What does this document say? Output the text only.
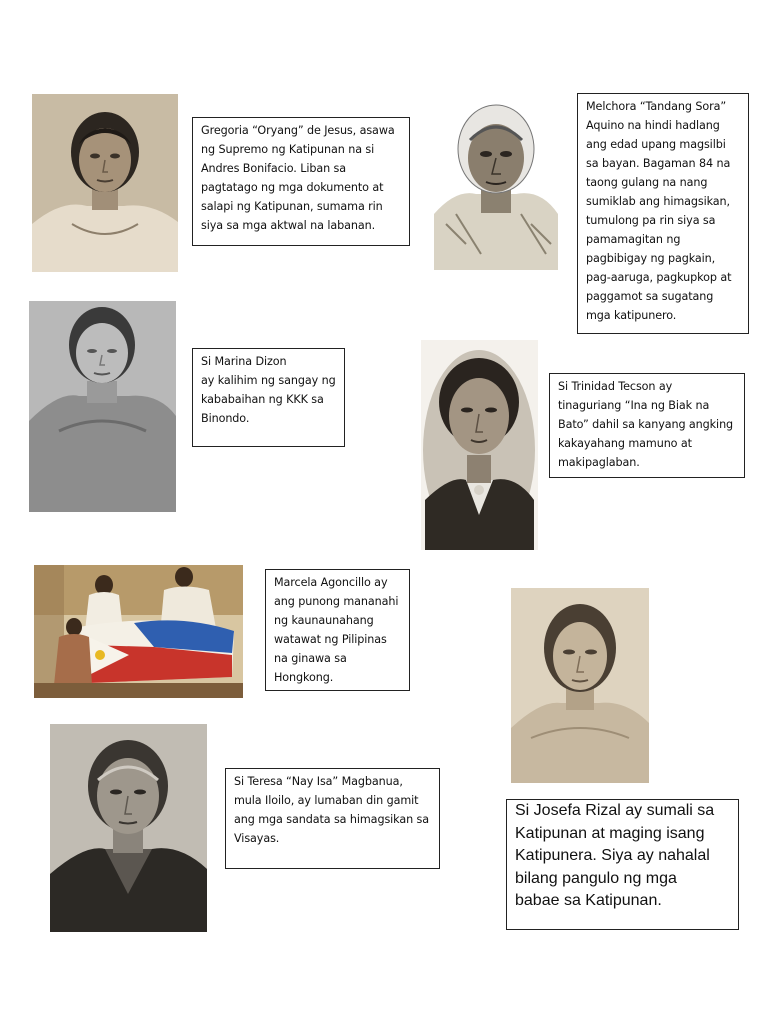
Gregoria “Oryang” de Jesus, asawa
ng Supremo ng Katipunan na si
Andres Bonifacio. Liban sa
pagtatago ng mga dokumento at
salapi ng Katipunan, sumama rin
siya sa mga aktwal na labanan.
Melchora “Tandang Sora”
Aquino na hindi hadlang
ang edad upang magsilbi
sa bayan. Bagaman 84 na
taong gulang na nang
sumiklab ang himagsikan,
tumulong pa rin siya sa
pamamagitan ng
pagbibigay ng pagkain,
pag-aaruga, pagkupkop at
paggamot sa sugatang
mga katipunero.
Si Marina Dizon
ay kalihim ng sangay ng
kababaihan ng KKK sa
Binondo.
Si Trinidad Tecson ay
tinaguriang “Ina ng Biak na
Bato” dahil sa kanyang angking
kakayahang mamuno at
makipaglaban.
Marcela Agoncillo ay
ang punong mananahi
ng kaunaunahang
watawat ng Pilipinas
na ginawa sa
Hongkong.
Si Teresa “Nay Isa” Magbanua,
mula Iloilo, ay lumaban din gamit
ang mga sandata sa himagsikan sa
Visayas.
Si Josefa Rizal ay sumali sa
Katipunan at maging isang
Katipunera. Siya ay nahalal
bilang pangulo ng mga
babae sa Katipunan.
